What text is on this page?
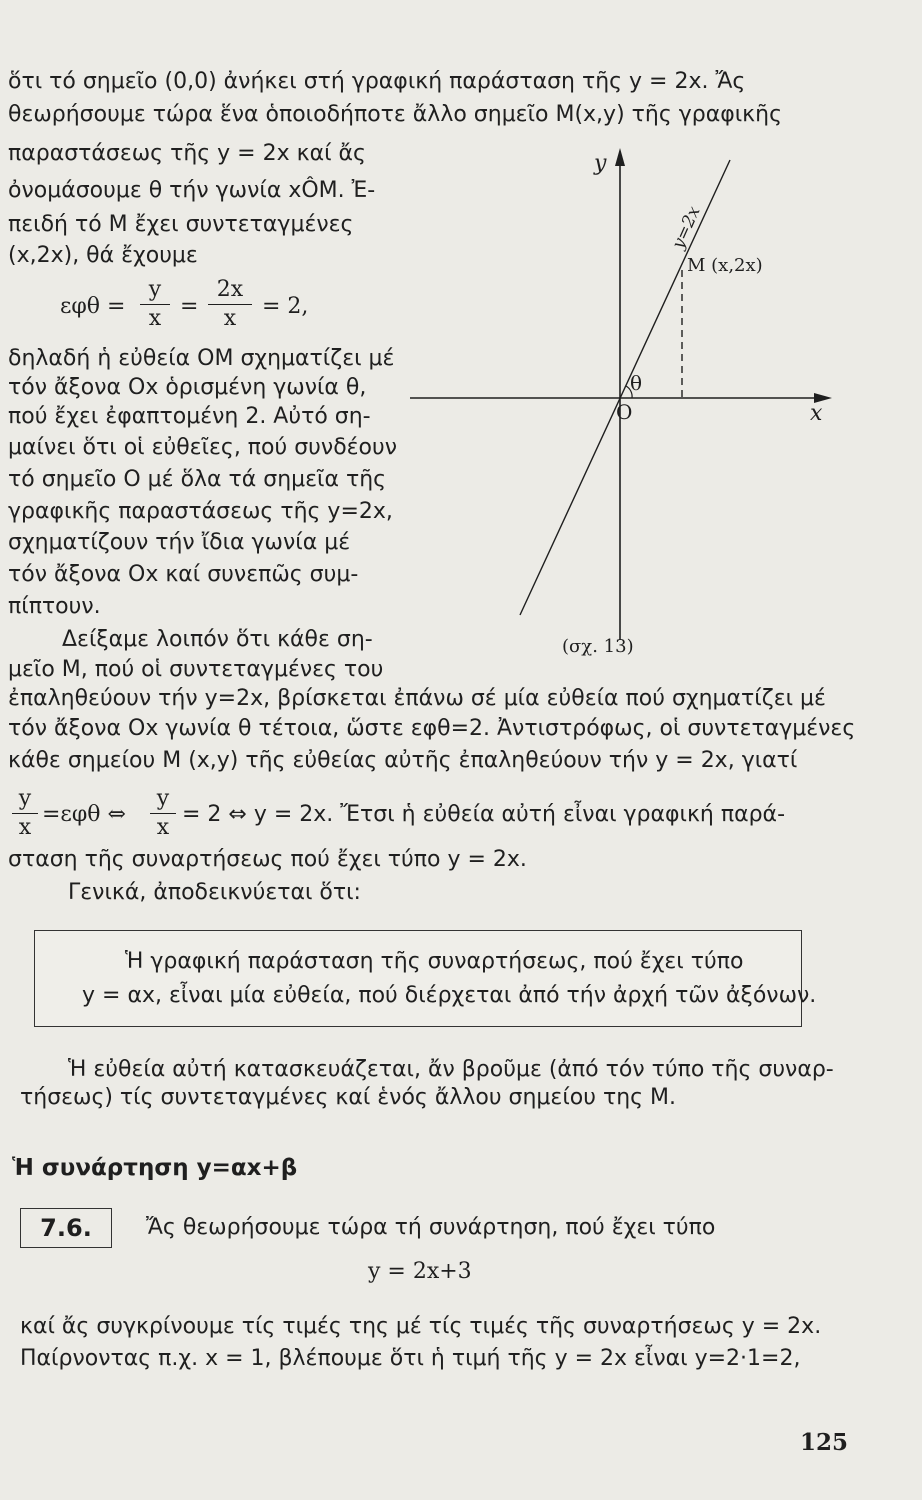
ὅτι τό σημεῖο (0,0) ἀνήκει στή γραφική παράσταση τῆς y = 2x. Ἄς
θεωρήσουμε τώρα ἕνα ὁποιοδήποτε ἄλλο σημεῖο M(x,y) τῆς γραφικῆς
παραστάσεως τῆς y = 2x καί ἄς
ὀνομάσουμε θ τήν γωνία xÔM. Ἐ-
πειδή τό M ἔχει συντεταγμένες
(x,2x), θά ἔχουμε
εφθ =
y
x =
2x
x	= 2,
δηλαδή ἡ εὐθεία OM σχηματίζει μέ
τόν ἄξονα Ox ὁρισμένη γωνία θ,
πού ἔχει ἐφαπτομένη 2. Αὐτό ση-
μαίνει ὅτι οἱ εὐθεῖες, πού συνδέουν
τό σημεῖο O μέ ὅλα τά σημεῖα τῆς
γραφικῆς παραστάσεως τῆς y=2x,
σχηματίζουν τήν ἴδια γωνία μέ
τόν ἄξονα Ox καί συνεπῶς συμ-
πίπτουν.
Δείξαμε λοιπόν ὅτι κάθε ση-
μεῖο M, πού οἱ συντεταγμένες του
y
x
O
θ
y=2x
M (x,2x)
(σχ. 13)
ἐπαληθεύουν τήν y=2x, βρίσκεται ἐπάνω σέ μία εὐθεία πού σχηματίζει μέ
τόν ἄξονα Ox γωνία θ τέτοια, ὥστε εφθ=2. Ἀντιστρόφως, οἱ συντεταγμένες
κάθε σημείου M (x,y) τῆς εὐθείας αὐτῆς ἐπαληθεύουν τήν y = 2x, γιατί
y
x
=εφθ ⇔
y
x
= 2 ⇔ y = 2x. Ἔτσι ἡ εὐθεία αὐτή εἶναι γραφική παρά-
σταση τῆς συναρτήσεως πού ἔχει τύπο y = 2x.
Γενικά, ἀποδεικνύεται ὅτι:
Ἡ γραφική παράσταση τῆς συναρτήσεως, πού ἔχει τύπο
y = αx, εἶναι μία εὐθεία, πού διέρχεται ἀπό τήν ἀρχή τῶν ἀξόνων.
Ἡ εὐθεία αὐτή κατασκευάζεται, ἄν βροῦμε (ἀπό τόν τύπο τῆς συναρ-
τήσεως) τίς συντεταγμένες καί ἑνός ἄλλου σημείου της M.
Ἡ συνάρτηση y=αx+β
7.6.	Ἄς θεωρήσουμε τώρα τή συνάρτηση, πού ἔχει τύπο
y = 2x+3
καί ἄς συγκρίνουμε τίς τιμές της μέ τίς τιμές τῆς συναρτήσεως y = 2x.
Παίρνοντας π.χ. x = 1, βλέπουμε ὅτι ἡ τιμή τῆς y = 2x εἶναι y=2·1=2,
125
